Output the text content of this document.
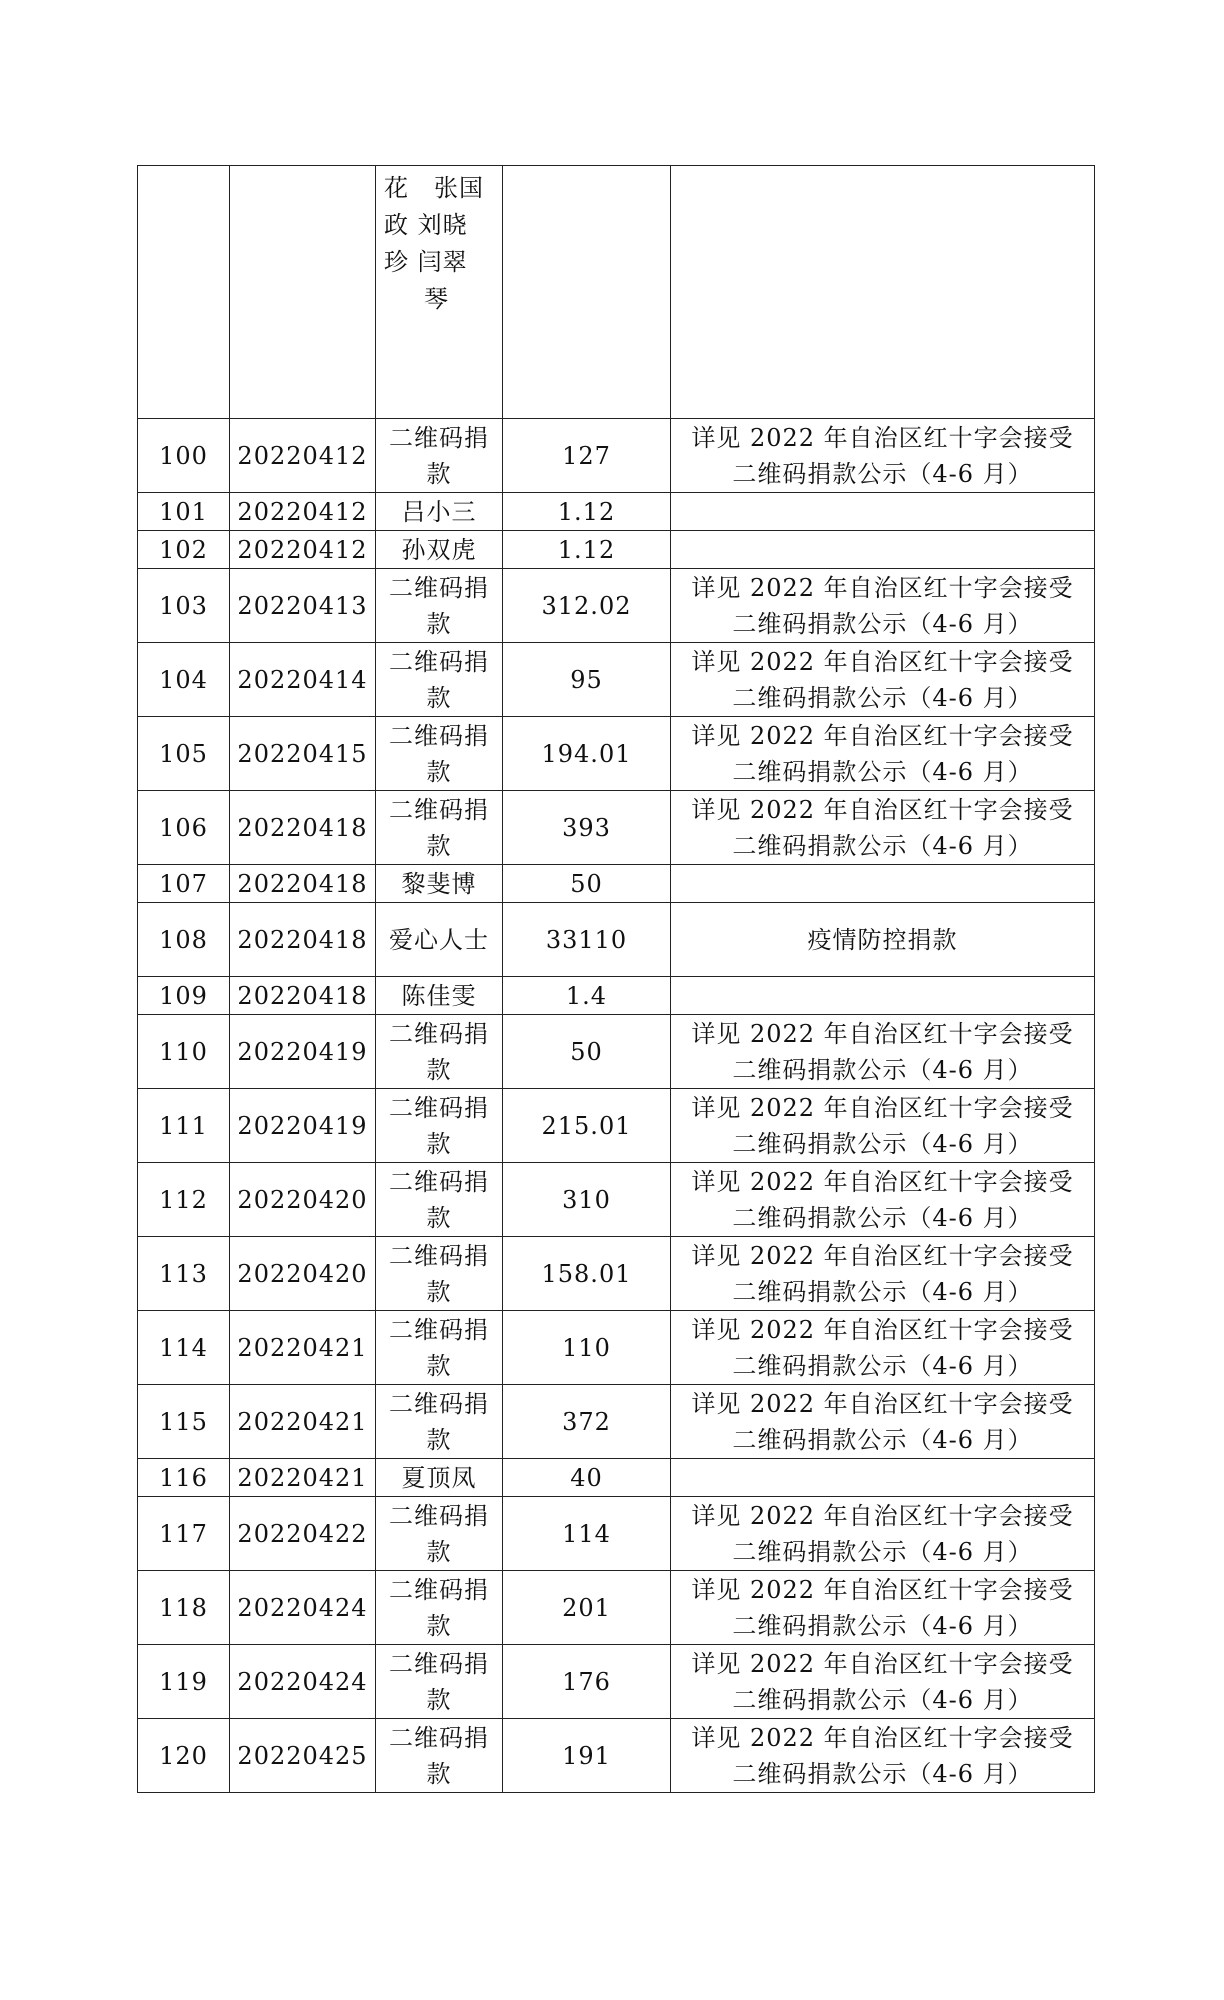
		花　张国
政 刘晓
珍 闫翠
琴		

100	20220412	二维码捐款	127	详见 2022 年自治区红十字会接受二维码捐款公示（4-6 月）
101	20220412	吕小三	1.12	
102	20220412	孙双虎	1.12	
103	20220413	二维码捐款	312.02	详见 2022 年自治区红十字会接受二维码捐款公示（4-6 月）
104	20220414	二维码捐款	95	详见 2022 年自治区红十字会接受二维码捐款公示（4-6 月）
105	20220415	二维码捐款	194.01	详见 2022 年自治区红十字会接受二维码捐款公示（4-6 月）
106	20220418	二维码捐款	393	详见 2022 年自治区红十字会接受二维码捐款公示（4-6 月）
107	20220418	黎斐博	50	
108	20220418	爱心人士	33110	疫情防控捐款
109	20220418	陈佳雯	1.4	
110	20220419	二维码捐款	50	详见 2022 年自治区红十字会接受二维码捐款公示（4-6 月）
111	20220419	二维码捐款	215.01	详见 2022 年自治区红十字会接受二维码捐款公示（4-6 月）
112	20220420	二维码捐款	310	详见 2022 年自治区红十字会接受二维码捐款公示（4-6 月）
113	20220420	二维码捐款	158.01	详见 2022 年自治区红十字会接受二维码捐款公示（4-6 月）
114	20220421	二维码捐款	110	详见 2022 年自治区红十字会接受二维码捐款公示（4-6 月）
115	20220421	二维码捐款	372	详见 2022 年自治区红十字会接受二维码捐款公示（4-6 月）
116	20220421	夏顶凤	40	
117	20220422	二维码捐款	114	详见 2022 年自治区红十字会接受二维码捐款公示（4-6 月）
118	20220424	二维码捐款	201	详见 2022 年自治区红十字会接受二维码捐款公示（4-6 月）
119	20220424	二维码捐款	176	详见 2022 年自治区红十字会接受二维码捐款公示（4-6 月）
120	20220425	二维码捐款	191	详见 2022 年自治区红十字会接受二维码捐款公示（4-6 月）
